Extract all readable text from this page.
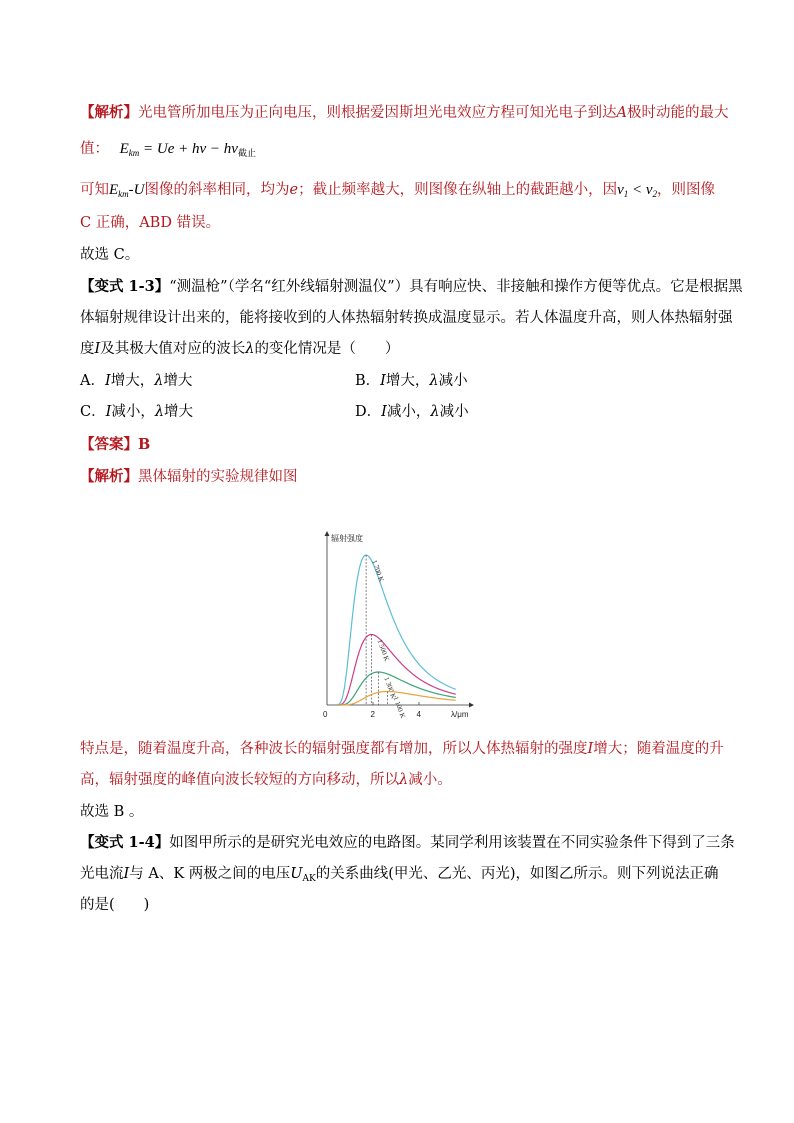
【解析】光电管所加电压为正向电压，则根据爱因斯坦光电效应方程可知光电子到达A极时动能的最大
值： $E_{km} = Ue + h\nu - h\nu_{截止}$
可知$E_{km}-U$图像的斜率相同，均为e；截止频率越大，则图像在纵轴上的截距越小，因$\nu_1 < \nu_2$，则图像
C 正确，ABD 错误。
故选 C。
【变式 1-3】“测温枪”（学名“红外线辐射测温仪”）具有响应快、非接触和操作方便等优点。它是根据黑
体辐射规律设计出来的，能将接收到的人体热辐射转换成温度显示。若人体温度升高，则人体热辐射强
度I及其极大值对应的波长λ的变化情况是（　　）
A．I增大，λ增大	B．I增大，λ减小
C．I减小，λ增大	D．I减小，λ减小
【答案】B
【解析】黑体辐射的实验规律如图
辐射强度
λ/μm
0	2	4
1 700 K
1 500 K
1 300 K
1 100 K
特点是，随着温度升高，各种波长的辐射强度都有增加，所以人体热辐射的强度I增大；随着温度的升
高，辐射强度的峰值向波长较短的方向移动，所以λ减小。
故选 B 。
【变式 1-4】如图甲所示的是研究光电效应的电路图。某同学利用该装置在不同实验条件下得到了三条
光电流I与 A、K 两极之间的电压$U_{AK}$的关系曲线(甲光、乙光、丙光)，如图乙所示。则下列说法正确
的是(　　)
